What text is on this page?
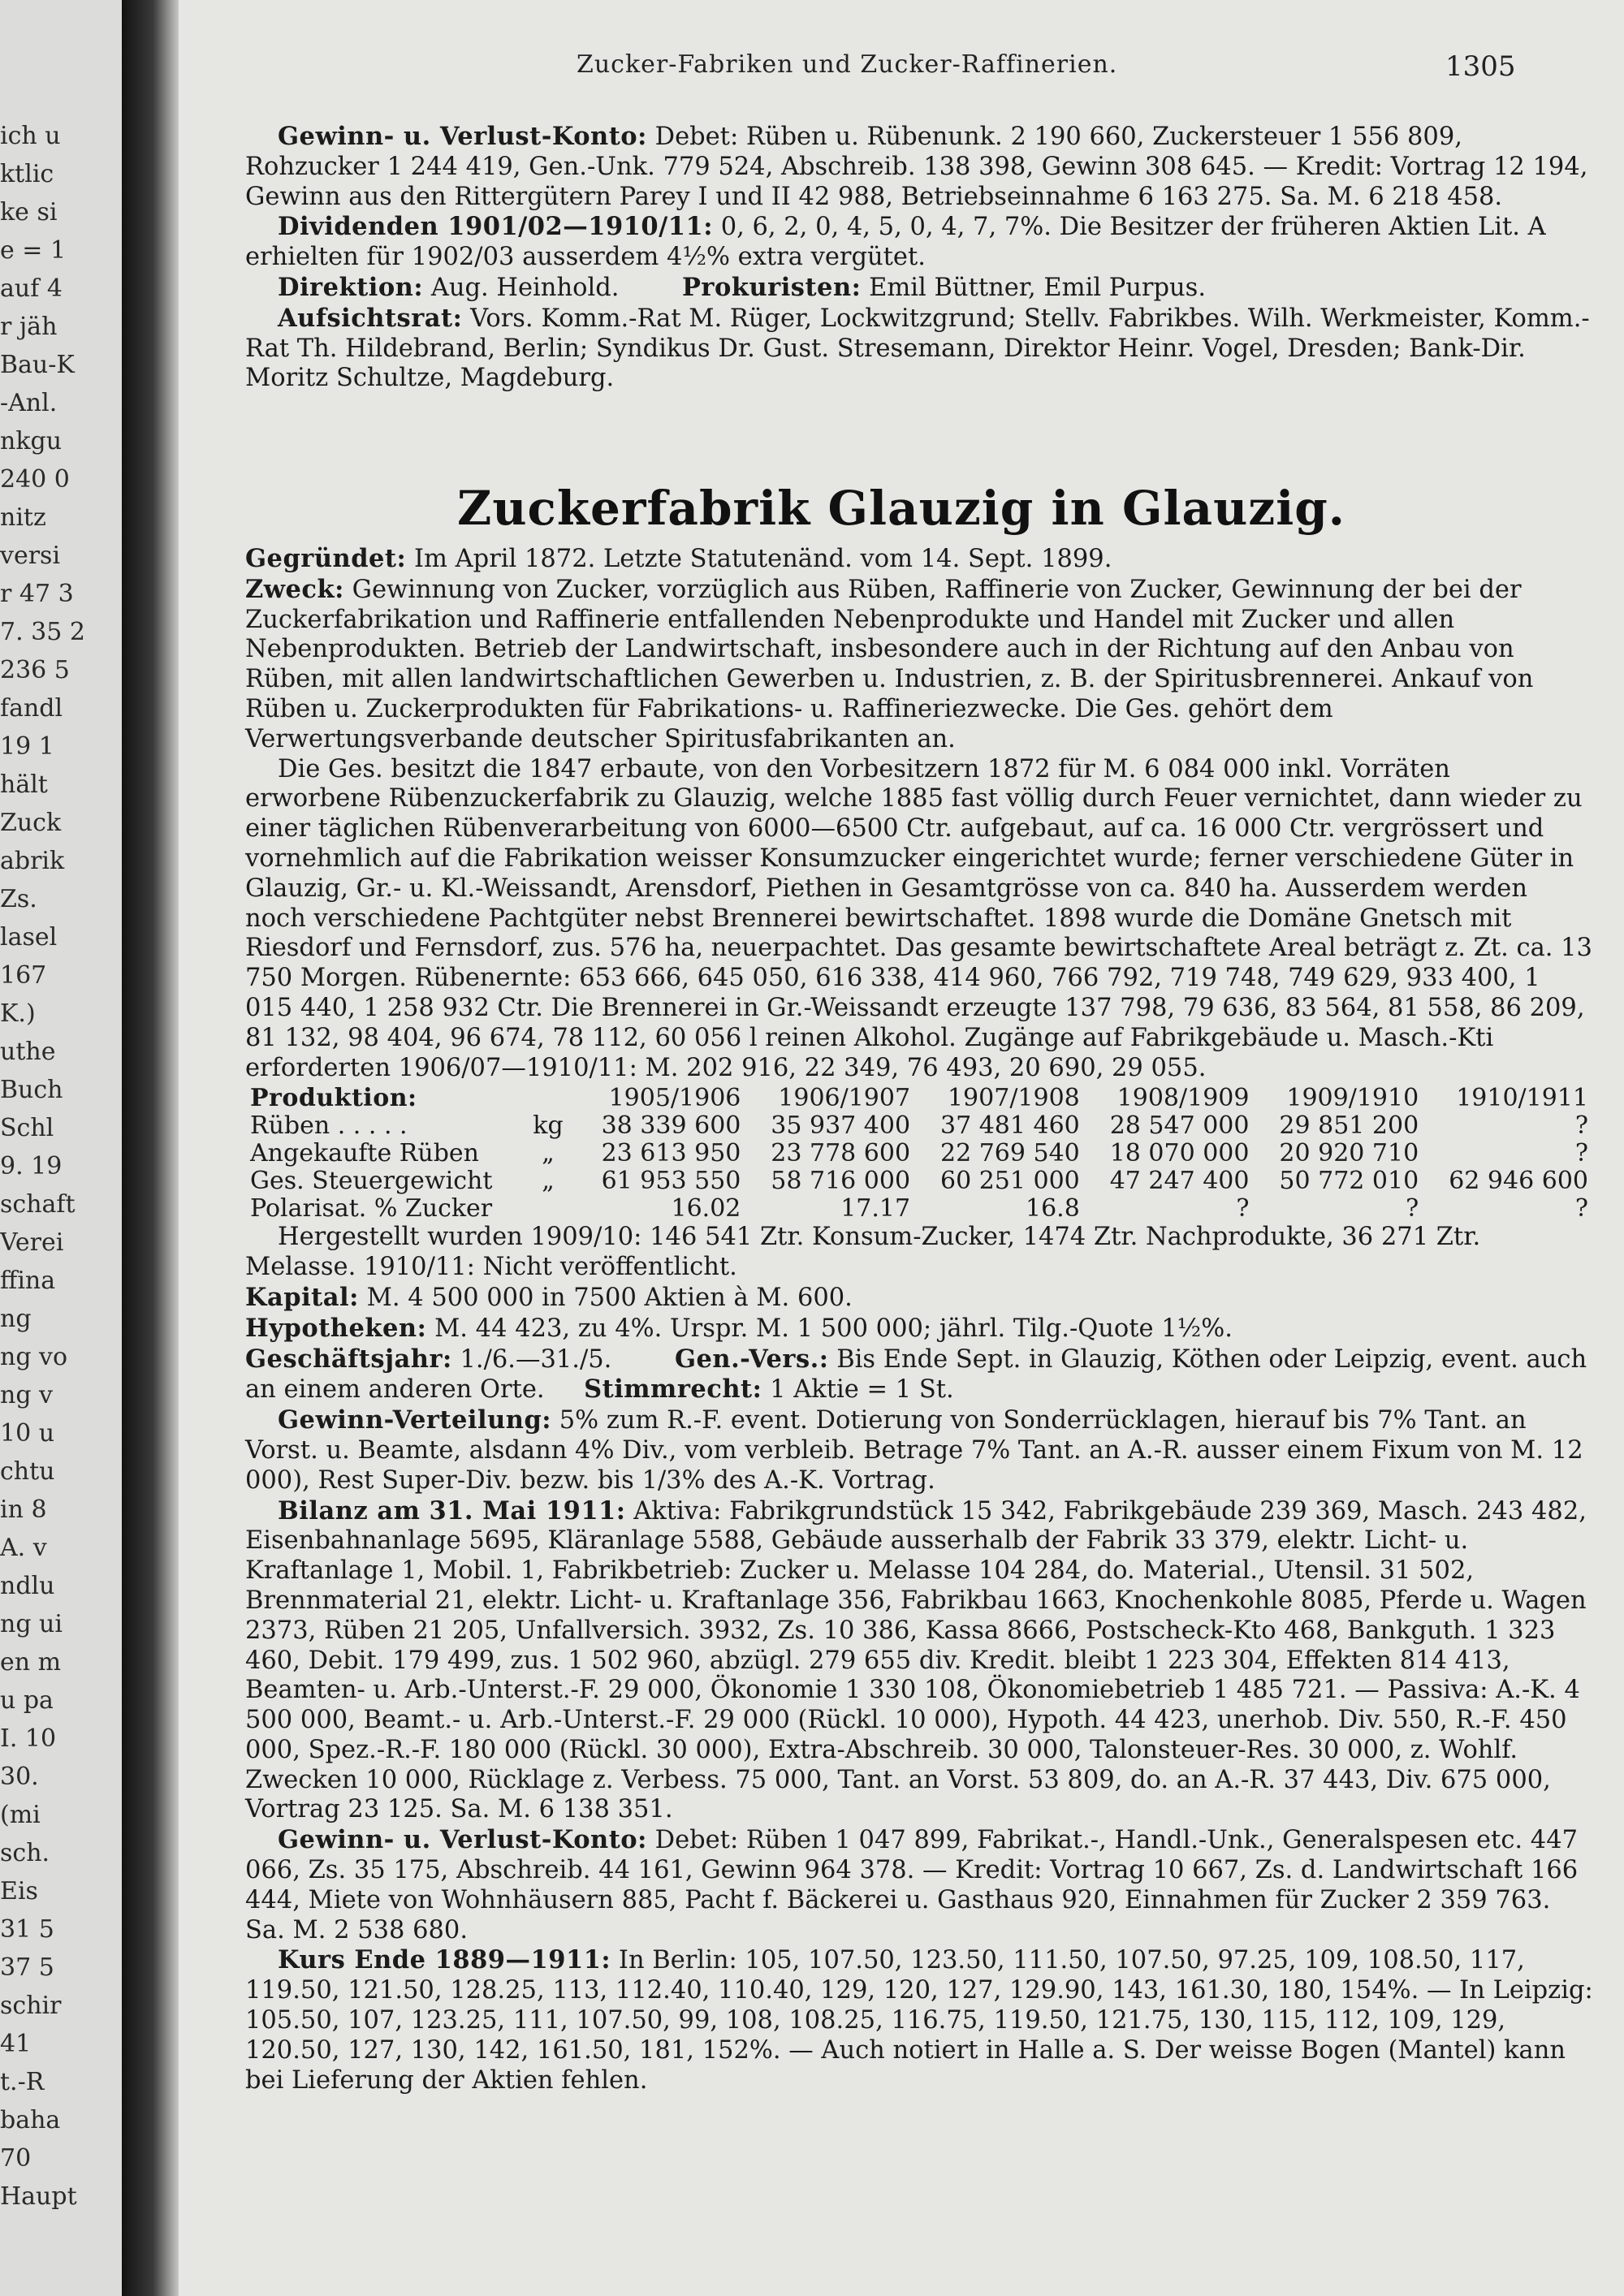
ich u
ktlic
ke si
e = 1
auf 4
r jäh
Bau-K
-Anl.
nkgu
240 0
nitz
versi
r 47 3
7. 35 2
236 5
fandl
19 1
hält
Zuck
abrik
Zs.
lasel
167
K.)
uthe
Buch
Schl
9. 19
schaft
Verei
ffina
ng
ng vo
ng v
10 u
chtu
in 8
A. v
ndlu
ng ui
en m
u pa
I. 10
30.
(mi
sch.
Eis
31 5
37 5
schir
41
t.-R
baha
70
Haupt
Zucker-Fabriken und Zucker-Raffinerien.	1305

Gewinn- u. Verlust-Konto: Debet: Rüben u. Rübenunk. 2 190 660, Zuckersteuer 1 556 809, Rohzucker 1 244 419, Gen.-Unk. 779 524, Abschreib. 138 398, Gewinn 308 645. — Kredit: Vortrag 12 194, Gewinn aus den Rittergütern Parey I und II 42 988, Betriebseinnahme 6 163 275. Sa. M. 6 218 458.

Dividenden 1901/02—1910/11: 0, 6, 2, 0, 4, 5, 0, 4, 7, 7%. Die Besitzer der früheren Aktien Lit. A erhielten für 1902/03 ausserdem 4½% extra vergütet.

Direktion: Aug. Heinhold.	Prokuristen: Emil Büttner, Emil Purpus.

Aufsichtsrat: Vors. Komm.-Rat M. Rüger, Lockwitzgrund; Stellv. Fabrikbes. Wilh. Werkmeister, Komm.-Rat Th. Hildebrand, Berlin; Syndikus Dr. Gust. Stresemann, Direktor Heinr. Vogel, Dresden; Bank-Dir. Moritz Schultze, Magdeburg.

Zuckerfabrik Glauzig in Glauzig.

Gegründet: Im April 1872. Letzte Statutenänd. vom 14. Sept. 1899.

Zweck: Gewinnung von Zucker, vorzüglich aus Rüben, Raffinerie von Zucker, Gewinnung der bei der Zuckerfabrikation und Raffinerie entfallenden Nebenprodukte und Handel mit Zucker und allen Nebenprodukten. Betrieb der Landwirtschaft, insbesondere auch in der Richtung auf den Anbau von Rüben, mit allen landwirtschaftlichen Gewerben u. Industrien, z. B. der Spiritusbrennerei. Ankauf von Rüben u. Zuckerprodukten für Fabrikations- u. Raffineriezwecke. Die Ges. gehört dem Verwertungsverbande deutscher Spiritusfabrikanten an.

Die Ges. besitzt die 1847 erbaute, von den Vorbesitzern 1872 für M. 6 084 000 inkl. Vorräten erworbene Rübenzuckerfabrik zu Glauzig, welche 1885 fast völlig durch Feuer vernichtet, dann wieder zu einer täglichen Rübenverarbeitung von 6000—6500 Ctr. aufgebaut, auf ca. 16 000 Ctr. vergrössert und vornehmlich auf die Fabrikation weisser Konsumzucker eingerichtet wurde; ferner verschiedene Güter in Glauzig, Gr.- u. Kl.-Weissandt, Arensdorf, Piethen in Gesamtgrösse von ca. 840 ha. Ausserdem werden noch verschiedene Pachtgüter nebst Brennerei bewirtschaftet. 1898 wurde die Domäne Gnetsch mit Riesdorf und Fernsdorf, zus. 576 ha, neuerpachtet. Das gesamte bewirtschaftete Areal beträgt z. Zt. ca. 13 750 Morgen. Rübenernte: 653 666, 645 050, 616 338, 414 960, 766 792, 719 748, 749 629, 933 400, 1 015 440, 1 258 932 Ctr. Die Brennerei in Gr.-Weissandt erzeugte 137 798, 79 636, 83 564, 81 558, 86 209, 81 132, 98 404, 96 674, 78 112, 60 056 l reinen Alkohol. Zugänge auf Fabrikgebäude u. Masch.-Kti erforderten 1906/07—1910/11: M. 202 916, 22 349, 76 493, 20 690, 29 055.

Produktion:		1905/1906	1906/1907	1907/1908	1908/1909	1909/1910	1910/1911
Rüben . . . . .	kg	38 339 600	35 937 400	37 481 460	28 547 000	29 851 200	?
Angekaufte Rüben	„	23 613 950	23 778 600	22 769 540	18 070 000	20 920 710	?
Ges. Steuergewicht	„	61 953 550	58 716 000	60 251 000	47 247 400	50 772 010	62 946 600
Polarisat. % Zucker		16.02	17.17	16.8	?	?	?

Hergestellt wurden 1909/10: 146 541 Ztr. Konsum-Zucker, 1474 Ztr. Nachprodukte, 36 271 Ztr. Melasse. 1910/11: Nicht veröffentlicht.

Kapital: M. 4 500 000 in 7500 Aktien à M. 600.

Hypotheken: M. 44 423, zu 4%. Urspr. M. 1 500 000; jährl. Tilg.-Quote 1½%.

Geschäftsjahr: 1./6.—31./5.	Gen.-Vers.: Bis Ende Sept. in Glauzig, Köthen oder Leipzig, event. auch an einem anderen Orte. Stimmrecht: 1 Aktie = 1 St.

Gewinn-Verteilung: 5% zum R.-F. event. Dotierung von Sonderrücklagen, hierauf bis 7% Tant. an Vorst. u. Beamte, alsdann 4% Div., vom verbleib. Betrage 7% Tant. an A.-R. ausser einem Fixum von M. 12 000), Rest Super-Div. bezw. bis 1/3% des A.-K. Vortrag.

Bilanz am 31. Mai 1911: Aktiva: Fabrikgrundstück 15 342, Fabrikgebäude 239 369, Masch. 243 482, Eisenbahnanlage 5695, Kläranlage 5588, Gebäude ausserhalb der Fabrik 33 379, elektr. Licht- u. Kraftanlage 1, Mobil. 1, Fabrikbetrieb: Zucker u. Melasse 104 284, do. Material., Utensil. 31 502, Brennmaterial 21, elektr. Licht- u. Kraftanlage 356, Fabrikbau 1663, Knochenkohle 8085, Pferde u. Wagen 2373, Rüben 21 205, Unfallversich. 3932, Zs. 10 386, Kassa 8666, Postscheck-Kto 468, Bankguth. 1 323 460, Debit. 179 499, zus. 1 502 960, abzügl. 279 655 div. Kredit. bleibt 1 223 304, Effekten 814 413, Beamten- u. Arb.-Unterst.-F. 29 000, Ökonomie 1 330 108, Ökonomiebetrieb 1 485 721. — Passiva: A.-K. 4 500 000, Beamt.- u. Arb.-Unterst.-F. 29 000 (Rückl. 10 000), Hypoth. 44 423, unerhob. Div. 550, R.-F. 450 000, Spez.-R.-F. 180 000 (Rückl. 30 000), Extra-Abschreib. 30 000, Talonsteuer-Res. 30 000, z. Wohlf. Zwecken 10 000, Rücklage z. Verbess. 75 000, Tant. an Vorst. 53 809, do. an A.-R. 37 443, Div. 675 000, Vortrag 23 125. Sa. M. 6 138 351.

Gewinn- u. Verlust-Konto: Debet: Rüben 1 047 899, Fabrikat.-, Handl.-Unk., Generalspesen etc. 447 066, Zs. 35 175, Abschreib. 44 161, Gewinn 964 378. — Kredit: Vortrag 10 667, Zs. d. Landwirtschaft 166 444, Miete von Wohnhäusern 885, Pacht f. Bäckerei u. Gasthaus 920, Einnahmen für Zucker 2 359 763. Sa. M. 2 538 680.

Kurs Ende 1889—1911: In Berlin: 105, 107.50, 123.50, 111.50, 107.50, 97.25, 109, 108.50, 117, 119.50, 121.50, 128.25, 113, 112.40, 110.40, 129, 120, 127, 129.90, 143, 161.30, 180, 154%. — In Leipzig: 105.50, 107, 123.25, 111, 107.50, 99, 108, 108.25, 116.75, 119.50, 121.75, 130, 115, 112, 109, 129, 120.50, 127, 130, 142, 161.50, 181, 152%. — Auch notiert in Halle a. S. Der weisse Bogen (Mantel) kann bei Lieferung der Aktien fehlen.
